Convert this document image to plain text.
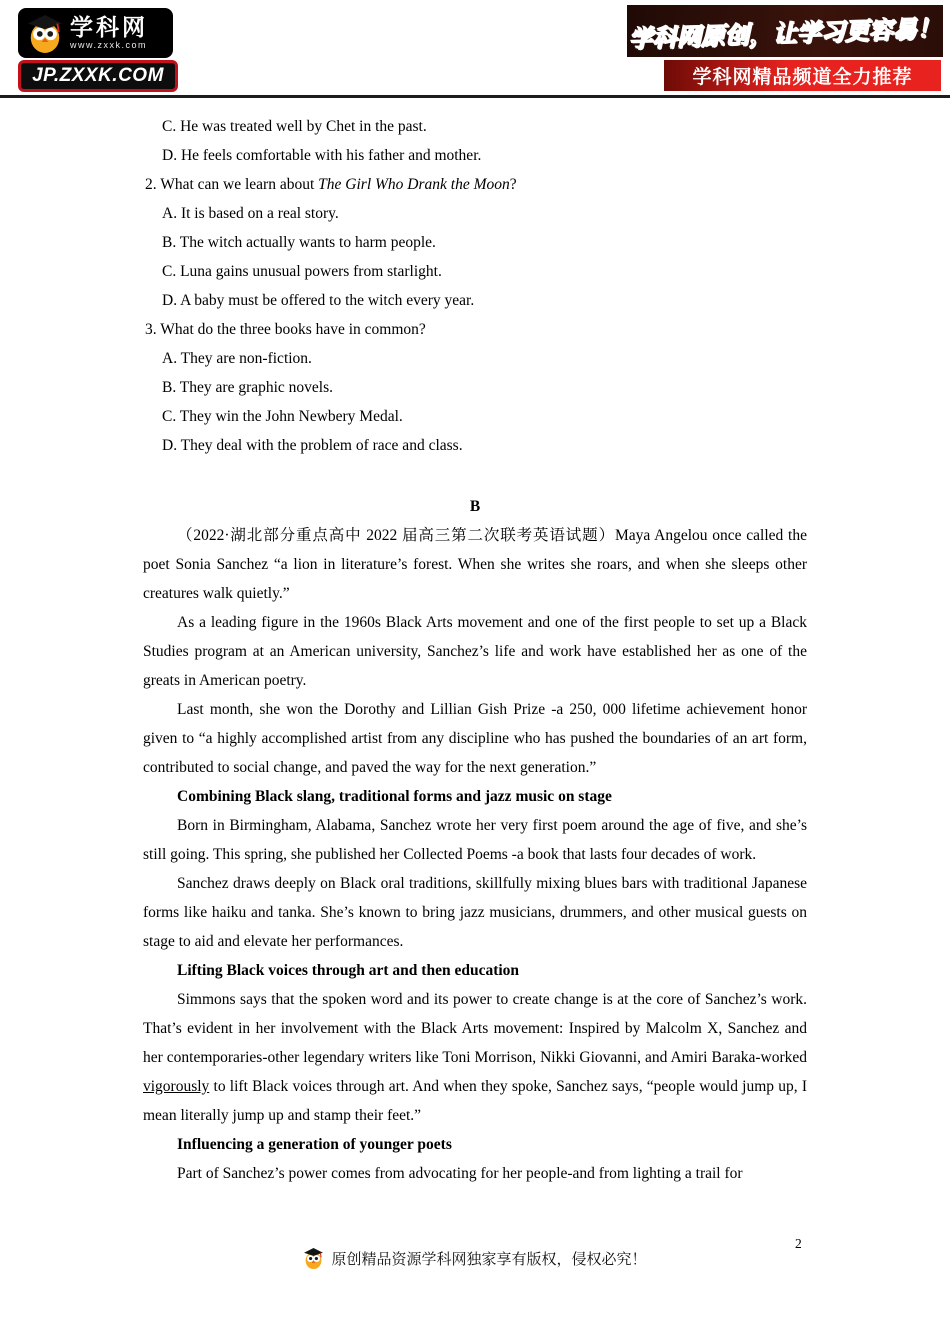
学科网
www.zxxk.com
JP.ZXXK.COM
学科网原创，让学习更容易！
学科网精品频道全力推荐
C. He was treated well by Chet in the past.
D. He feels comfortable with his father and mother.
2. What can we learn about The Girl Who Drank the Moon?
A. It is based on a real story.
B. The witch actually wants to harm people.
C. Luna gains unusual powers from starlight.
D. A baby must be offered to the witch every year.
3. What do the three books have in common?
A. They are non-fiction.
B. They are graphic novels.
C. They win the John Newbery Medal.
D. They deal with the problem of race and class.
B

（2022·湖北部分重点高中 2022 届高三第二次联考英语试题）Maya Angelou once called the poet Sonia Sanchez “a lion in literature’s forest. When she writes she roars, and when she sleeps other creatures walk quietly.”

As a leading figure in the 1960s Black Arts movement and one of the first people to set up a Black Studies program at an American university, Sanchez’s life and work have established her as one of the greats in American poetry.

Last month, she won the Dorothy and Lillian Gish Prize -a 250, 000 lifetime achievement honor given to “a highly accomplished artist from any discipline who has pushed the boundaries of an art form, contributed to social change, and paved the way for the next generation.”

Combining Black slang, traditional forms and jazz music on stage

Born in Birmingham, Alabama, Sanchez wrote her very first poem around the age of five, and she’s still going. This spring, she published her Collected Poems -a book that lasts four decades of work.

Sanchez draws deeply on Black oral traditions, skillfully mixing blues bars with traditional Japanese forms like haiku and tanka. She’s known to bring jazz musicians, drummers, and other musical guests on stage to aid and elevate her performances.

Lifting Black voices through art and then education

Simmons says that the spoken word and its power to create change is at the core of Sanchez’s work. That’s evident in her involvement with the Black Arts movement: Inspired by Malcolm X, Sanchez and her contemporaries-other legendary writers like Toni Morrison, Nikki Giovanni, and Amiri Baraka-worked vigorously to lift Black voices through art. And when they spoke, Sanchez says, “people would jump up, I mean literally jump up and stamp their feet.”

Influencing a generation of younger poets

Part of Sanchez’s power comes from advocating for her people-and from lighting a trail for

原创精品资源学科网独家享有版权，侵权必究！
2
